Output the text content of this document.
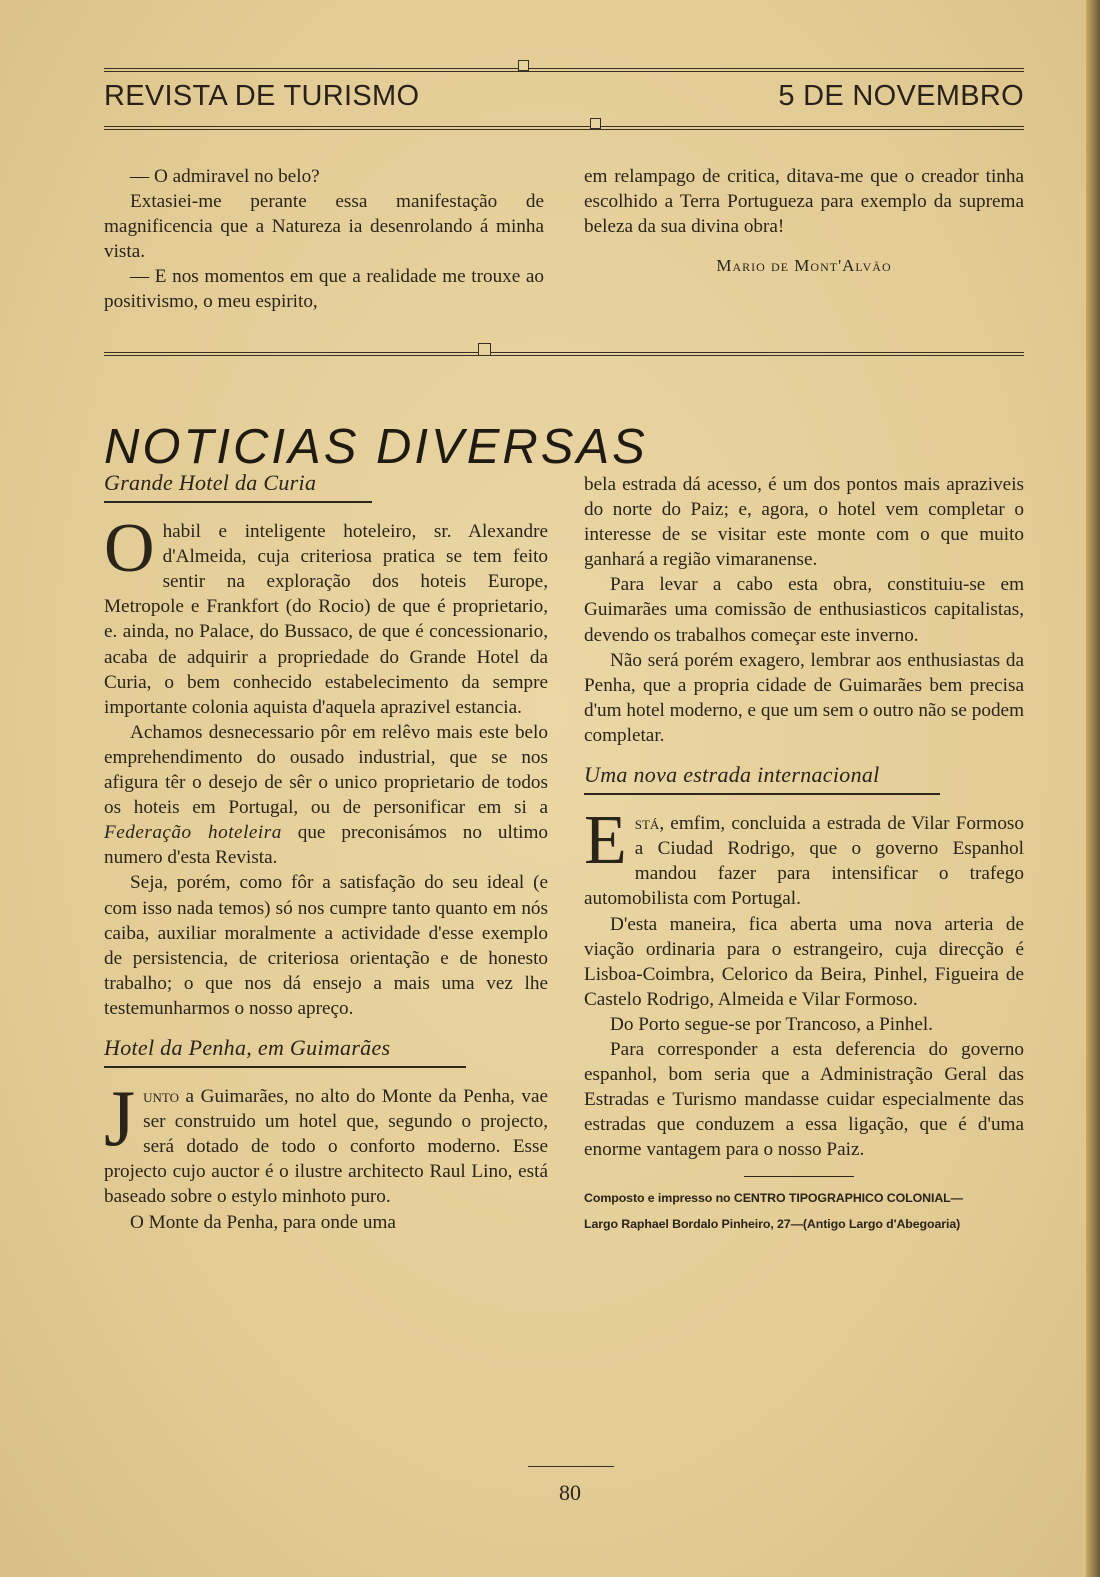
REVISTA DE TURISMO	5 DE NOVEMBRO

— O admiravel no belo?

Extasiei-me perante essa manifestação de magnificencia que a Natureza ia desenrolando á minha vista.

— E nos momentos em que a realidade me trouxe ao positivismo, o meu espirito,

em relampago de critica, ditava-me que o creador tinha escolhido a Terra Portugueza para exemplo da suprema beleza da sua divina obra!

Mario de Mont'Alvão
NOTICIAS DIVERSAS
Grande Hotel da Curia

Ohabil e inteligente hoteleiro, sr. Alexandre d'Almeida, cuja criteriosa pratica se tem feito sentir na exploração dos hoteis Europe, Metropole e Frankfort (do Rocio) de que é proprietario, e. ainda, no Palace, do Bussaco, de que é concessionario, acaba de adquirir a propriedade do Grande Hotel da Curia, o bem conhecido estabelecimento da sempre importante colonia aquista d'aquela aprazivel estancia.

Achamos desnecessario pôr em relêvo mais este belo emprehendimento do ousado industrial, que se nos afigura têr o desejo de sêr o unico proprietario de todos os hoteis em Portugal, ou de personificar em si a Federação hoteleira que preconisámos no ultimo numero d'esta Revista.

Seja, porém, como fôr a satisfação do seu ideal (e com isso nada temos) só nos cumpre tanto quanto em nós caiba, auxiliar moralmente a actividade d'esse exemplo de persistencia, de criteriosa orientação e de honesto trabalho; o que nos dá ensejo a mais uma vez lhe testemunharmos o nosso apreço.

Hotel da Penha, em Guimarães

Junto a Guimarães, no alto do Monte da Penha, vae ser construido um hotel que, segundo o projecto, será dotado de todo o conforto moderno. Esse projecto cujo auctor é o ilustre architecto Raul Lino, está baseado sobre o estylo minhoto puro.

O Monte da Penha, para onde uma

bela estrada dá acesso, é um dos pontos mais apraziveis do norte do Paiz; e, agora, o hotel vem completar o interesse de se visitar este monte com o que muito ganhará a região vimaranense.

Para levar a cabo esta obra, constituiu-se em Guimarães uma comissão de enthusiasticos capitalistas, devendo os trabalhos começar este inverno.

Não será porém exagero, lembrar aos enthusiastas da Penha, que a propria cidade de Guimarães bem precisa d'um hotel moderno, e que um sem o outro não se podem completar.

Uma nova estrada internacional

Está, emfim, concluida a estrada de Vilar Formoso a Ciudad Rodrigo, que o governo Espanhol mandou fazer para intensificar o trafego automobilista com Portugal.

D'esta maneira, fica aberta uma nova arteria de viação ordinaria para o estrangeiro, cuja direcção é Lisboa-Coimbra, Celorico da Beira, Pinhel, Figueira de Castelo Rodrigo, Almeida e Vilar Formoso.

Do Porto segue-se por Trancoso, a Pinhel.

Para corresponder a esta deferencia do governo espanhol, bom seria que a Administração Geral das Estradas e Turismo mandasse cuidar especialmente das estradas que conduzem a essa ligação, que é d'uma enorme vantagem para o nosso Paiz.

Composto e impresso no CENTRO TIPOGRAPHICO COLONIAL—
Largo Raphael Bordalo Pinheiro, 27—(Antigo Largo d'Abegoaria)
80
